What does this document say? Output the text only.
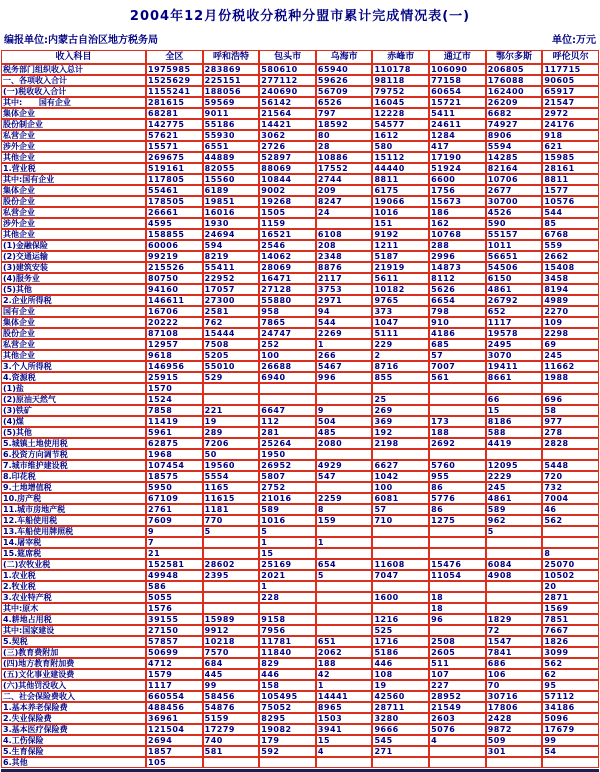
2004年12月份税收分税种分盟市累计完成情况表(一)
编报单位:内蒙古自治区地方税务局	单位:万元
收入科目	全区	呼和浩特	包头市	乌海市	赤峰市	通辽市	鄂尔多斯	呼伦贝尔
税务部门组织收入总计	1975985	283869	580610	65940	110178	106090	206805	117715
一、各项收入合计	1525629	225151	277112	59626	98118	77158	176088	90605
(一)税收收入合计	1155241	188056	240690	56709	79752	60654	162400	65917
其中:      国有企业	281615	59569	56142	6526	16045	15721	26209	21547
集体企业	68281	9011	21564	797	12228	5411	6682	2972
股份制企业	142775	55186	14421	18592	54577	24611	74927	24176
私营企业	57621	55930	3062	80	1612	1284	8906	918
涉外企业	15571	6551	2726	28	580	417	5594	621
其他企业	269675	44889	52897	10886	15112	17190	14285	15985
1.营业税	519161	82055	88069	17552	44440	51924	82164	28161
其中:国有企业	117805	15560	10844	2744	8811	6600	10706	8811
集体企业	55461	6189	9002	209	6175	1756	2677	1577
股份企业	178505	19851	19268	8247	19066	15673	30700	10576
私营企业	26661	16016	1505	24	1016	186	4526	544
涉外企业	4595	1930	1159		151	162	590	85
其他企业	158855	24694	16521	6108	9192	10768	55157	6768
(1)金融保险	60006	594	2546	208	1211	288	1011	559
(2)交通运输	99219	8219	14062	2348	5187	2996	56651	2662
(3)建筑安装	215526	55411	28069	8876	21919	14873	54506	15408
(4)服务业	80750	22952	16471	2117	5611	8112	6150	3458
(5)其他	94160	17057	27128	3753	10182	5626	4861	8194
2.企业所得税	146611	27300	55880	2971	9765	6654	26792	4989
国有企业	16706	2581	958	94	373	798	652	2270
集体企业	20222	762	7865	544	1047	910	1117	109
股份企业	87108	15444	24747	2269	5111	4186	19578	2298
私营企业	12957	7508	252	1	229	685	2495	69
其他企业	9618	5205	100	266	2	57	3070	245
3.个人所得税	146956	55010	26688	5467	8716	7007	19411	11662
4.资源税	25915	529	6940	996	855	561	8661	1988
(1)盐	1570							
(2)原油天然气	1524				25		66	696
(3)铁矿	7858	221	6647	9	269		15	58
(4)煤	11419	19	112	504	369	173	8186	977
(5)其他	5961	289	281	485	192	188	588	278
5.城镇土地使用税	62875	7206	25264	2080	2198	2692	4419	2828
6.投资方向调节税	1968	50	1950					
7.城市维护建设税	107454	19560	26952	4929	6627	5760	12095	5448
8.印花税	18575	5554	5807	547	1042	955	2229	720
9.土地增值税	5950	1165	2752		100	86	245	732
10.房产税	67109	11615	21016	2259	6081	5776	4861	7004
11.城市房地产税	2761	1181	589	8	57	86	589	46
12.车船使用税	7609	770	1016	159	710	1275	962	562
13.车船使用牌照税	9	5	5				5	
14.屠宰税	7		1	1				
15.筵席税	21		15					8
(二)农牧业税	152581	28602	25169	654	11608	15476	6084	25070
1.农业税	49948	2395	2021	5	7047	11054	4908	10502
2.牧业税	586		1					20
3.农业特产税	5055		228		1600	18		2871
其中:原木	1576					18		1569
4.耕地占用税	39155	15989	9158		1216	96	1829	7851
其中:国家建设	27150	9912	7956		525		72	7667
5.契税	57857	10218	11781	651	1716	2508	1547	1826
(三)教育费附加	50699	7570	11840	2062	5186	2605	7841	3099
(四)地方教育附加费	4712	684	829	188	446	511	686	562
(五)文化事业建设费	1579	445	446	42	108	107	106	62
(六)其他罚没收入	1117	99	158	1	19	227	70	95
二、社会保险费收入	660554	58456	105495	14441	42560	28952	30716	57112
1.基本养老保险费	488456	54876	75052	8965	28711	21549	17806	34186
2.失业保险费	36961	5159	8295	1503	3280	2603	2428	5096
3.基本医疗保险费	121504	17279	19082	3941	9666	5076	9872	17679
4.工伤保险	2694	740	179	15	545	4	509	99
5.生育保险	1857	581	592	4	271		301	54
6.其他	105							
